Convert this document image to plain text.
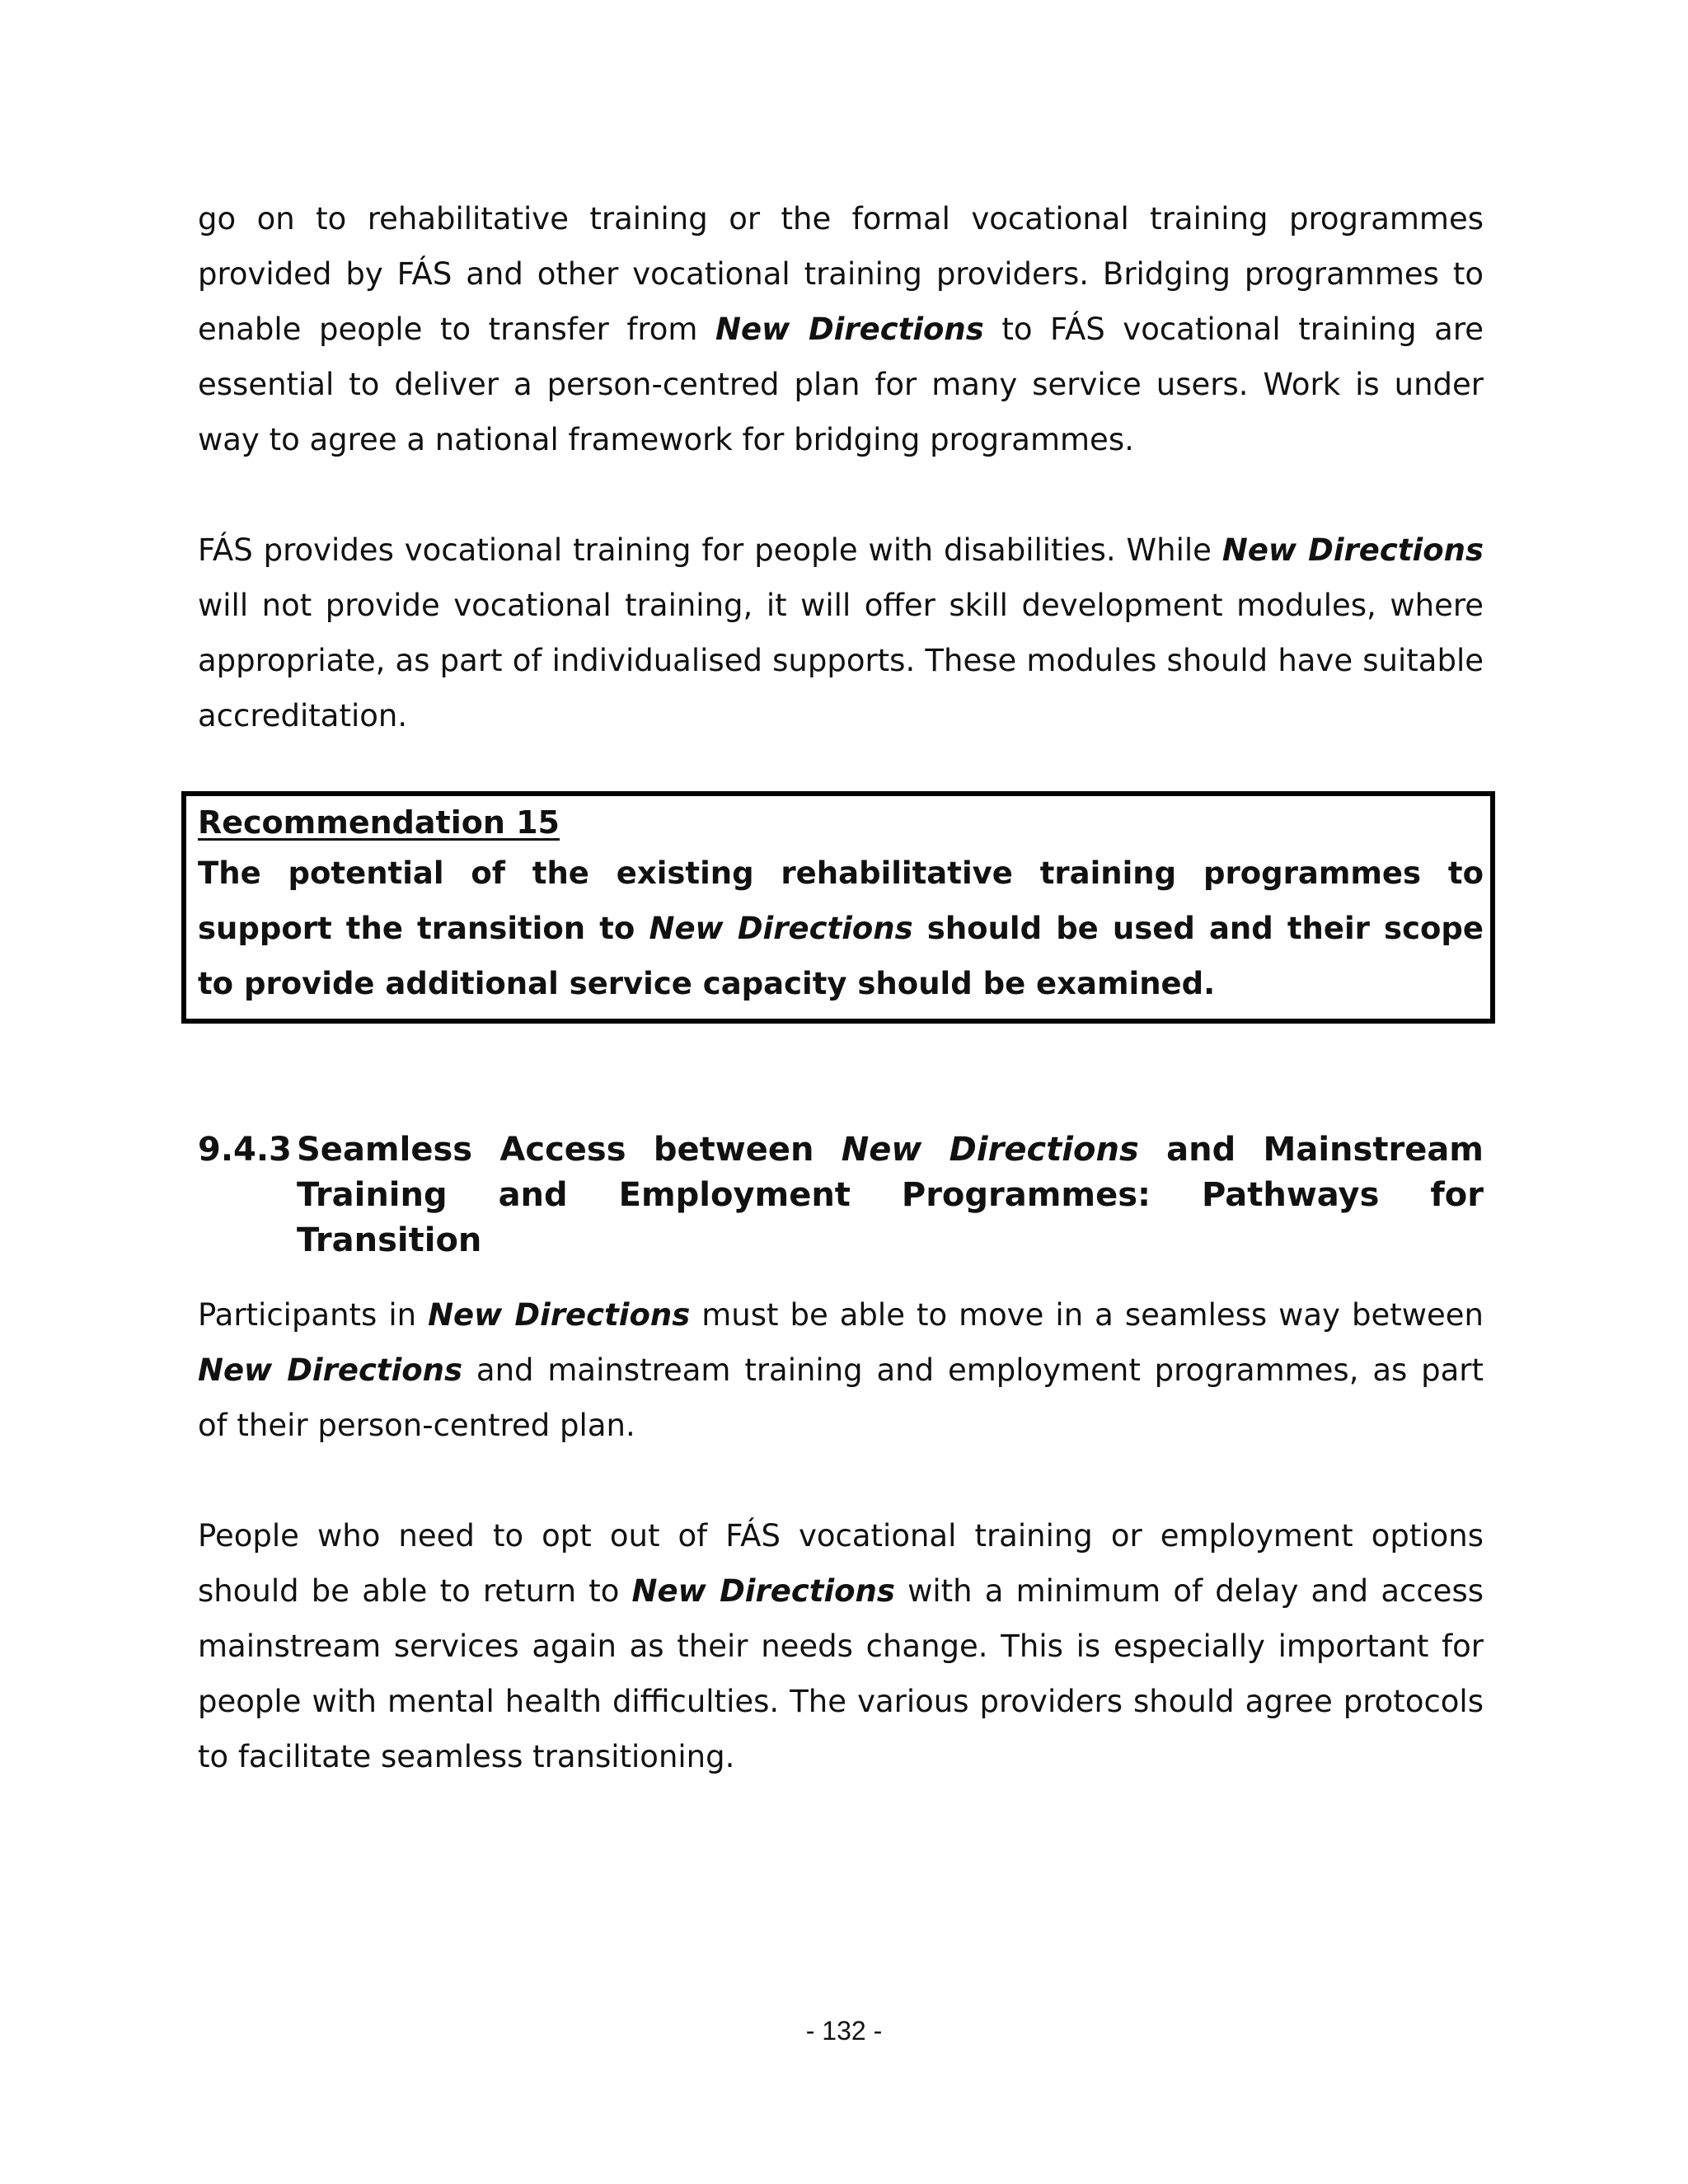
go on to rehabilitative training or the formal vocational training programmes provided by FÁS and other vocational training providers. Bridging programmes to enable people to transfer from New Directions to FÁS vocational training are essential to deliver a person-centred plan for many service users. Work is under way to agree a national framework for bridging programmes.

FÁS provides vocational training for people with disabilities. While New Directions will not provide vocational training, it will offer skill development modules, where appropriate, as part of individualised supports. These modules should have suitable accreditation.

Recommendation 15

The potential of the existing rehabilitative training programmes to support the transition to New Directions should be used and their scope to provide additional service capacity should be examined.

9.4.3 Seamless Access between New Directions and Mainstream
Training and Employment Programmes: Pathways for
Transition

Participants in New Directions must be able to move in a seamless way between New Directions and mainstream training and employment programmes, as part of their person-centred plan.

People who need to opt out of FÁS vocational training or employment options should be able to return to New Directions with a minimum of delay and access mainstream services again as their needs change. This is especially important for people with mental health difficulties. The various providers should agree protocols to facilitate seamless transitioning.

- 132 -
